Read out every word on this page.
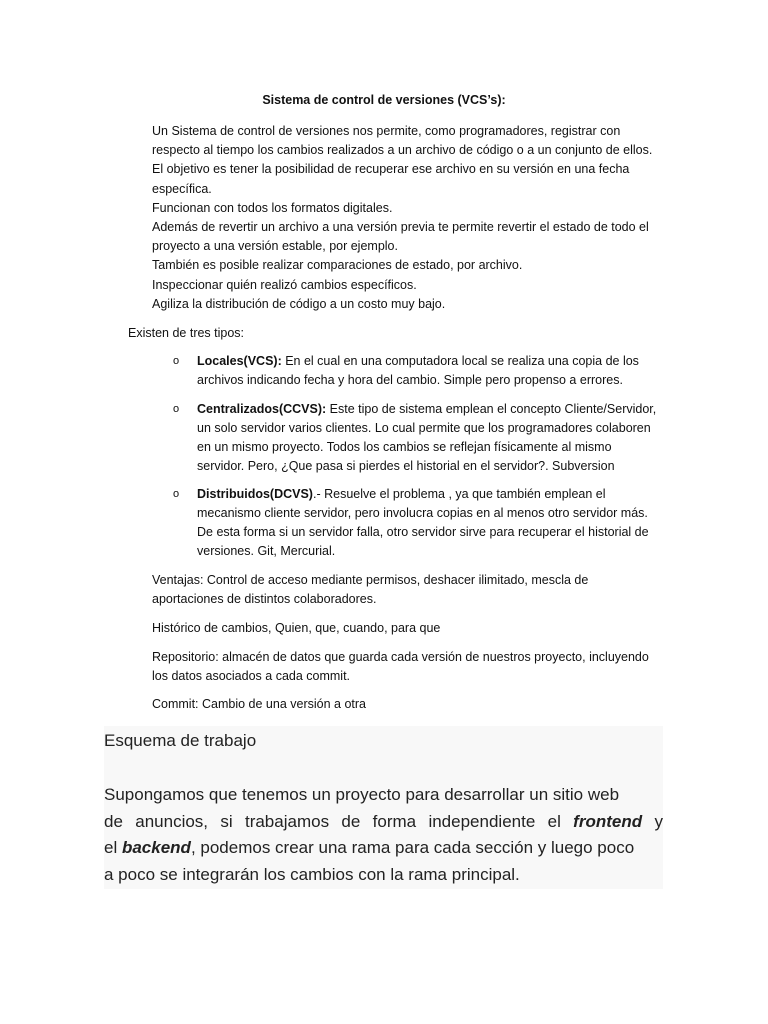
Sistema de control de versiones (VCS’s):
Un Sistema de control de versiones nos permite, como programadores, registrar con
respecto al tiempo los cambios realizados a un archivo de código o a un conjunto de ellos.
El objetivo es tener la posibilidad de recuperar ese archivo en su versión en una fecha
específica.
Funcionan con todos los formatos digitales.
Además de revertir un archivo a una versión previa te permite revertir el estado de todo el
proyecto a una versión estable, por ejemplo.
También es posible realizar comparaciones de estado, por archivo.
Inspeccionar quién realizó cambios específicos.
Agiliza la distribución de código a un costo muy bajo.
Existen de tres tipos:
o Locales(VCS): En el cual en una computadora local se realiza una copia de los
archivos indicando fecha y hora del cambio. Simple pero propenso a errores.
o Centralizados(CCVS): Este tipo de sistema emplean el concepto Cliente/Servidor,
un solo servidor varios clientes. Lo cual permite que los programadores colaboren
en un mismo proyecto. Todos los cambios se reflejan físicamente al mismo
servidor. Pero, ¿Que pasa si pierdes el historial en el servidor?. Subversion
o Distribuidos(DCVS).- Resuelve el problema , ya que también emplean el
mecanismo cliente servidor, pero involucra copias en al menos otro servidor más.
De esta forma si un servidor falla, otro servidor sirve para recuperar el historial de
versiones. Git, Mercurial.
Ventajas: Control de acceso mediante permisos, deshacer ilimitado, mescla de
aportaciones de distintos colaboradores.
Histórico de cambios, Quien, que, cuando, para que
Repositorio: almacén de datos que guarda cada versión de nuestros proyecto, incluyendo
los datos asociados a cada commit.
Commit: Cambio de una versión a otra
Esquema de trabajo
Supongamos que tenemos un proyecto para desarrollar un sitio web
de anuncios, si trabajamos de forma independiente el frontend y
el backend, podemos crear una rama para cada sección y luego poco
a poco se integrarán los cambios con la rama principal.
